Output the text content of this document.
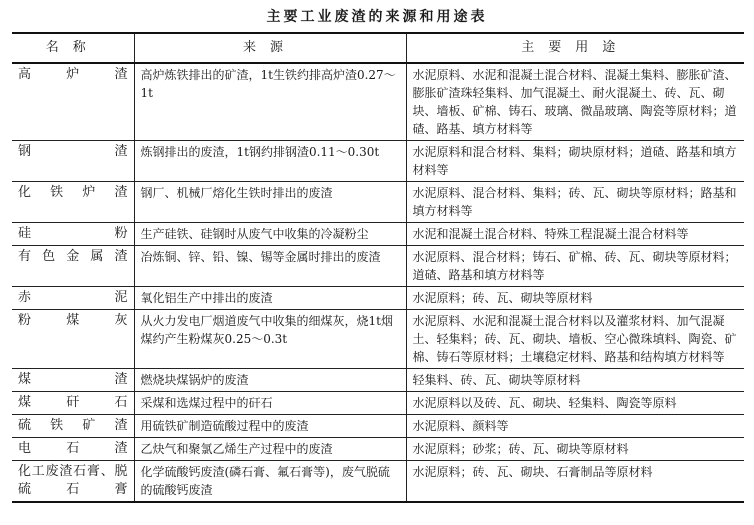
主要工业废渣的来源和用途表
名称	来源	主要用途
高炉渣	高炉炼铁排出的矿渣，1t生铁约排高炉渣0.27～1t	水泥原料、水泥和混凝土混合材料、混凝土集料、膨胀矿渣、膨胀矿渣珠轻集料、加气混凝土、耐火混凝土、砖、瓦、砌块、墙板、矿棉、铸石、玻璃、微晶玻璃、陶瓷等原材料；道碴、路基、填方材料等
钢渣	炼钢排出的废渣，1t钢约排钢渣0.11～0.30t	水泥原料和混合材料、集料；砌块原材料；道碴、路基和填方材料等
化铁炉渣	钢厂、机械厂熔化生铁时排出的废渣	水泥原料、混合材料、集料；砖、瓦、砌块等原材料；路基和填方材料等
硅粉	生产硅铁、硅钢时从废气中收集的冷凝粉尘	水泥和混凝土混合材料、特殊工程混凝土混合材料等
有色金属渣	冶炼铜、锌、铅、镍、锡等金属时排出的废渣	水泥原料、混合材料；铸石、矿棉、砖、瓦、砌块等原材料；道碴、路基和填方材料等
赤泥	氧化铝生产中排出的废渣	水泥原料；砖、瓦、砌块等原材料
粉煤灰	从火力发电厂烟道废气中收集的细煤灰，烧1t烟煤约产生粉煤灰0.25～0.3t	水泥原料、水泥和混凝土混合材料以及灌浆材料、加气混凝土、轻集料；砖、瓦、砌块、墙板、空心微珠填料、陶瓷、矿棉、铸石等原材料；土壤稳定材料、路基和结构填方材料等
煤渣	燃烧块煤锅炉的废渣	轻集料、砖、瓦、砌块等原材料
煤矸石	采煤和选煤过程中的矸石	水泥原料以及砖、瓦、砌块、轻集料、陶瓷等原料
硫铁矿渣	用硫铁矿制造硫酸过程中的废渣	水泥原料、颜料等
电石渣	乙炔气和聚氯乙烯生产过程中的废渣	水泥原料；砂浆；砖、瓦、砌块等原材料
化工废渣石膏、脱硫石膏	化学硫酸钙废渣(磷石膏、氟石膏等)，废气脱硫的硫酸钙废渣	水泥原料；砖、瓦、砌块、石膏制品等原材料
